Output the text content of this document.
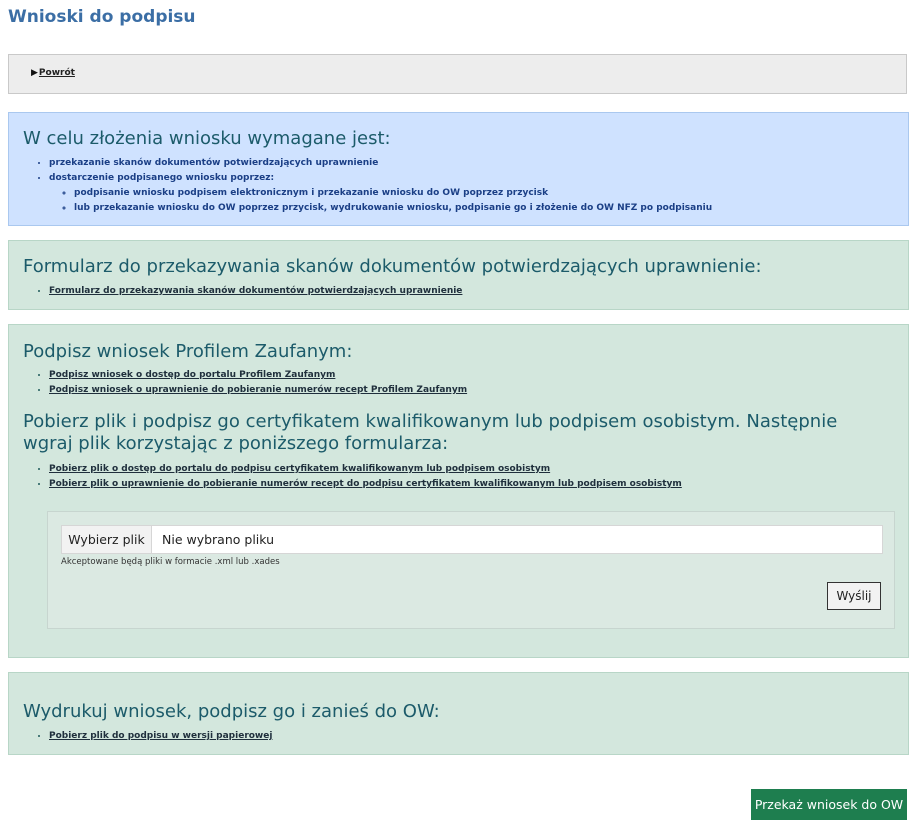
Wnioski do podpisu
▶ Powrót
W celu złożenia wniosku wymagane jest:
• przekazanie skanów dokumentów potwierdzających uprawnienie
• dostarczenie podpisanego wniosku poprzez:
◦ podpisanie wniosku podpisem elektronicznym i przekazanie wniosku do OW poprzez przycisk
◦ lub przekazanie wniosku do OW poprzez przycisk, wydrukowanie wniosku, podpisanie go i złożenie do OW NFZ po podpisaniu
Formularz do przekazywania skanów dokumentów potwierdzających uprawnienie:
• Formularz do przekazywania skanów dokumentów potwierdzających uprawnienie
Podpisz wniosek Profilem Zaufanym:
• Podpisz wniosek o dostęp do portalu Profilem Zaufanym
• Podpisz wniosek o uprawnienie do pobieranie numerów recept Profilem Zaufanym
Pobierz plik i podpisz go certyfikatem kwalifikowanym lub podpisem osobistym. Następnie wgraj plik korzystając z poniższego formularza:
• Pobierz plik o dostęp do portalu do podpisu certyfikatem kwalifikowanym lub podpisem osobistym
• Pobierz plik o uprawnienie do pobieranie numerów recept do podpisu certyfikatem kwalifikowanym lub podpisem osobistym
Wybierz plik	Nie wybrano pliku
Akceptowane będą pliki w formacie .xml lub .xades
Wyślij
Wydrukuj wniosek, podpisz go i zanieś do OW:
• Pobierz plik do podpisu w wersji papierowej
Przekaż wniosek do OW
